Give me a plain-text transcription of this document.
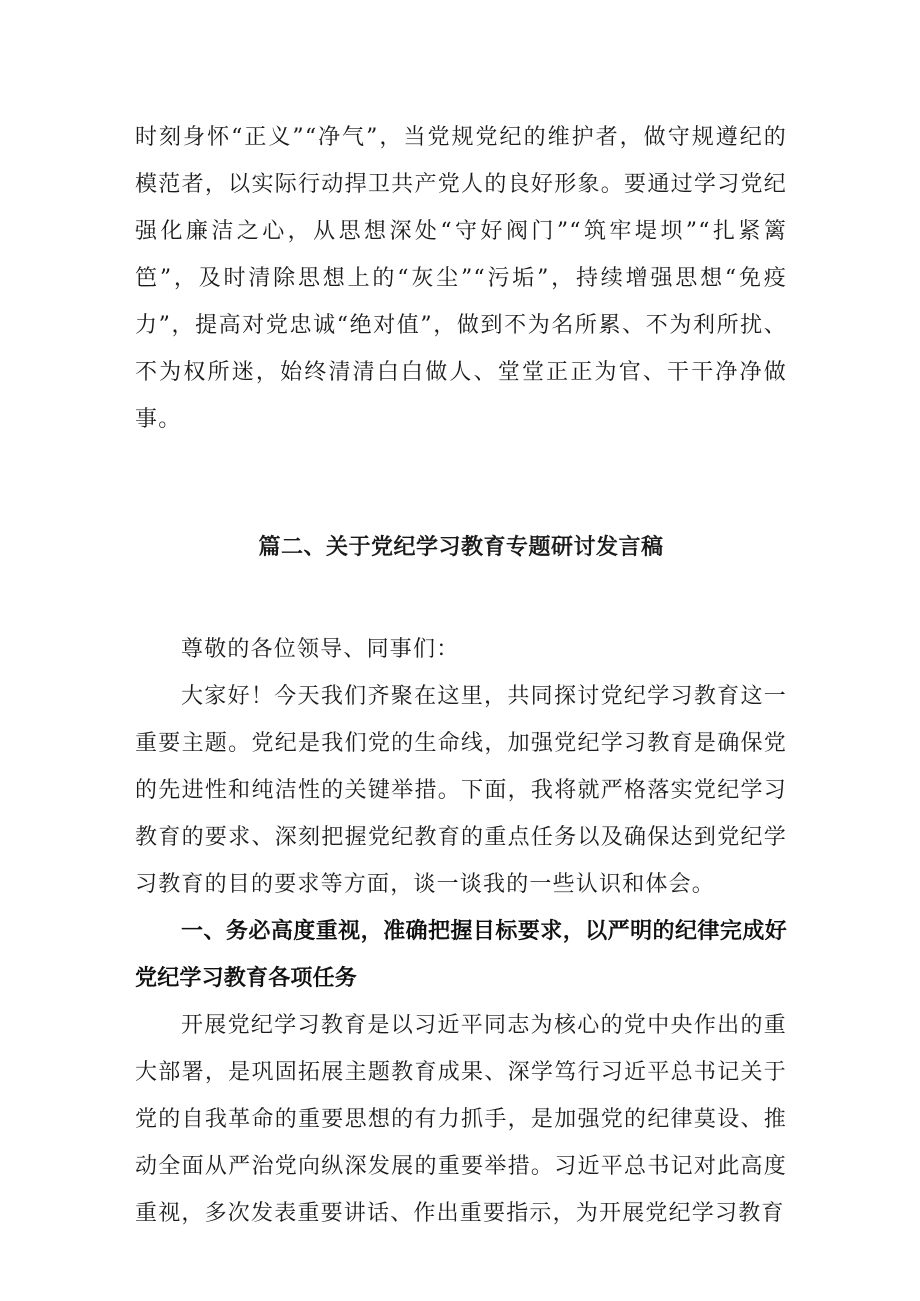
时刻身怀“正义”“净气”，当党规党纪的维护者，做守规遵纪的模范者，以实际行动捍卫共产党人的良好形象。要通过学习党纪强化廉洁之心，从思想深处“守好阀门”“筑牢堤坝”“扎紧篱笆”，及时清除思想上的“灰尘”“污垢”，持续增强思想“免疫力”，提高对党忠诚“绝对值”，做到不为名所累、不为利所扰、不为权所迷，始终清清白白做人、堂堂正正为官、干干净净做事。

篇二、关于党纪学习教育专题研讨发言稿

尊敬的各位领导、同事们：

大家好！今天我们齐聚在这里，共同探讨党纪学习教育这一重要主题。党纪是我们党的生命线，加强党纪学习教育是确保党的先进性和纯洁性的关键举措。下面，我将就严格落实党纪学习教育的要求、深刻把握党纪教育的重点任务以及确保达到党纪学习教育的目的要求等方面，谈一谈我的一些认识和体会。

一、务必高度重视，准确把握目标要求，以严明的纪律完成好党纪学习教育各项任务

开展党纪学习教育是以习近平同志为核心的党中央作出的重大部署，是巩固拓展主题教育成果、深学笃行习近平总书记关于党的自我革命的重要思想的有力抓手，是加强党的纪律莫设、推动全面从严治党向纵深发展的重要举措。习近平总书记对此高度重视，多次发表重要讲话、作出重要指示，为开展党纪学习教育
